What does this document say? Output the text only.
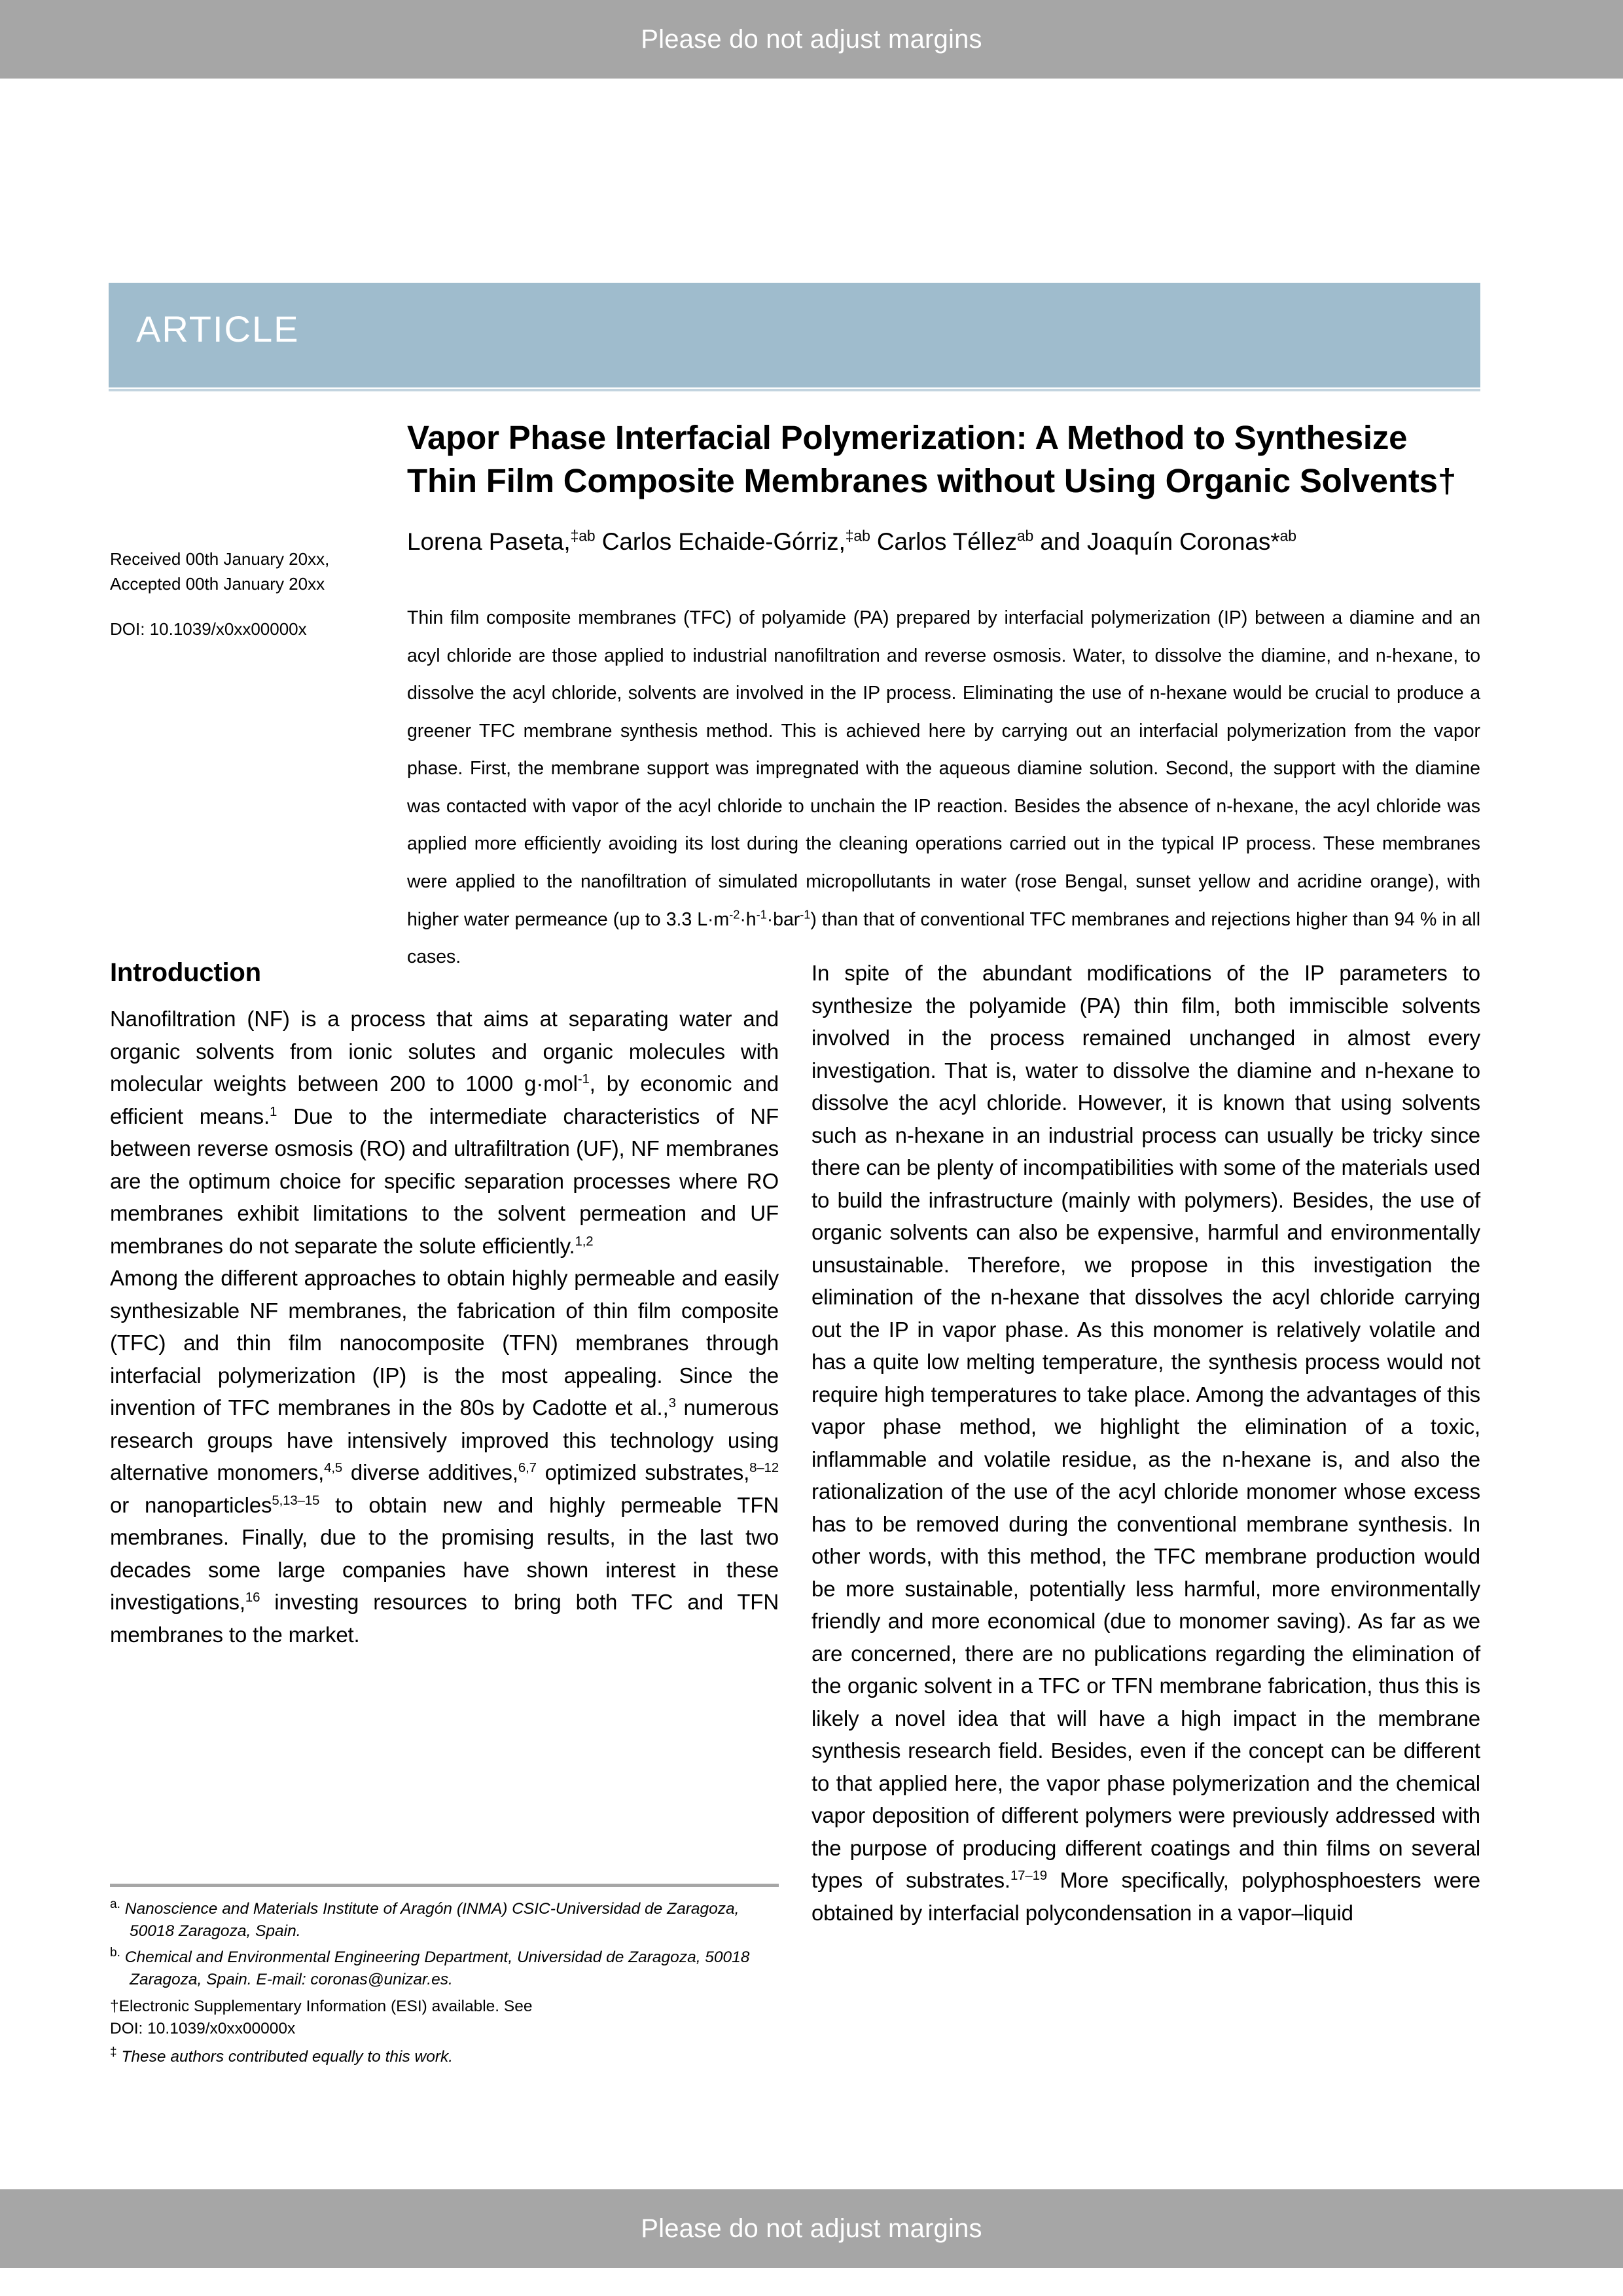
Please do not adjust margins
ARTICLE
Vapor Phase Interfacial Polymerization: A Method to Synthesize
Thin Film Composite Membranes without Using Organic Solvents†

Lorena Paseta,$^{\ddagger ab}$ Carlos Echaide-Górriz,$^{\ddagger ab}$ Carlos Téllez$^{ab}$ and Joaquín Coronas*$^{ab}$

Received 00th January 20xx,
Accepted 00th January 20xx
DOI: 10.1039/x0xx00000x
Thin film composite membranes (TFC) of polyamide (PA) prepared by interfacial polymerization (IP) between a diamine and an acyl chloride are those applied to industrial nanofiltration and reverse osmosis. Water, to dissolve the diamine, and n-hexane, to dissolve the acyl chloride, solvents are involved in the IP process. Eliminating the use of n-hexane would be crucial to produce a greener TFC membrane synthesis method. This is achieved here by carrying out an interfacial polymerization from the vapor phase. First, the membrane support was impregnated with the aqueous diamine solution. Second, the support with the diamine was contacted with vapor of the acyl chloride to unchain the IP reaction. Besides the absence of n-hexane, the acyl chloride was applied more efficiently avoiding its lost during the cleaning operations carried out in the typical IP process. These membranes were applied to the nanofiltration of simulated micropollutants in water (rose Bengal, sunset yellow and acridine orange), with higher water permeance (up to 3.3 $L\cdot m^{-2}\cdot h^{-1}\cdot bar^{-1}$) than that of conventional TFC membranes and rejections higher than 94 % in all cases.
Introduction

Nanofiltration (NF) is a process that aims at separating water and organic solvents from ionic solutes and organic molecules with molecular weights between 200 to 1000 g·mol$^{-1}$, by economic and efficient means.$^1$ Due to the intermediate characteristics of NF between reverse osmosis (RO) and ultrafiltration (UF), NF membranes are the optimum choice for specific separation processes where RO membranes exhibit limitations to the solvent permeation and UF membranes do not separate the solute efficiently.$^{1,2}$

Among the different approaches to obtain highly permeable and easily synthesizable NF membranes, the fabrication of thin film composite (TFC) and thin film nanocomposite (TFN) membranes through interfacial polymerization (IP) is the most appealing. Since the invention of TFC membranes in the 80s by Cadotte et al.,$^3$ numerous research groups have intensively improved this technology using alternative monomers,$^{4,5}$ diverse additives,$^{6,7}$ optimized substrates,$^{8-12}$ or nanoparticles$^{5,13-15}$ to obtain new and highly permeable TFN membranes. Finally, due to the promising results, in the last two decades some large companies have shown interest in these investigations,$^{16}$ investing resources to bring both TFC and TFN membranes to the market.

In spite of the abundant modifications of the IP parameters to synthesize the polyamide (PA) thin film, both immiscible solvents involved in the process remained unchanged in almost every investigation. That is, water to dissolve the diamine and n-hexane to dissolve the acyl chloride. However, it is known that using solvents such as n-hexane in an industrial process can usually be tricky since there can be plenty of incompatibilities with some of the materials used to build the infrastructure (mainly with polymers). Besides, the use of organic solvents can also be expensive, harmful and environmentally unsustainable. Therefore, we propose in this investigation the elimination of the n-hexane that dissolves the acyl chloride carrying out the IP in vapor phase. As this monomer is relatively volatile and has a quite low melting temperature, the synthesis process would not require high temperatures to take place. Among the advantages of this vapor phase method, we highlight the elimination of a toxic, inflammable and volatile residue, as the n-hexane is, and also the rationalization of the use of the acyl chloride monomer whose excess has to be removed during the conventional membrane synthesis. In other words, with this method, the TFC membrane production would be more sustainable, potentially less harmful, more environmentally friendly and more economical (due to monomer saving). As far as we are concerned, there are no publications regarding the elimination of the organic solvent in a TFC or TFN membrane fabrication, thus this is likely a novel idea that will have a high impact in the membrane synthesis research field. Besides, even if the concept can be different to that applied here, the vapor phase polymerization and the chemical vapor deposition of different polymers were previously addressed with the purpose of producing different coatings and thin films on several types of substrates.$^{17-19}$ More specifically, polyphosphoesters were obtained by interfacial polycondensation in a vapor–liquid

$^{a.}$ Nanoscience and Materials Institute of Aragón (INMA) CSIC-Universidad de Zaragoza, 50018 Zaragoza, Spain.

$^{b.}$ Chemical and Environmental Engineering Department, Universidad de Zaragoza, 50018 Zaragoza, Spain. E-mail: coronas@unizar.es.

†Electronic Supplementary Information (ESI) available. See

DOI: 10.1039/x0xx00000x

‡ These authors contributed equally to this work.

Please do not adjust margins
